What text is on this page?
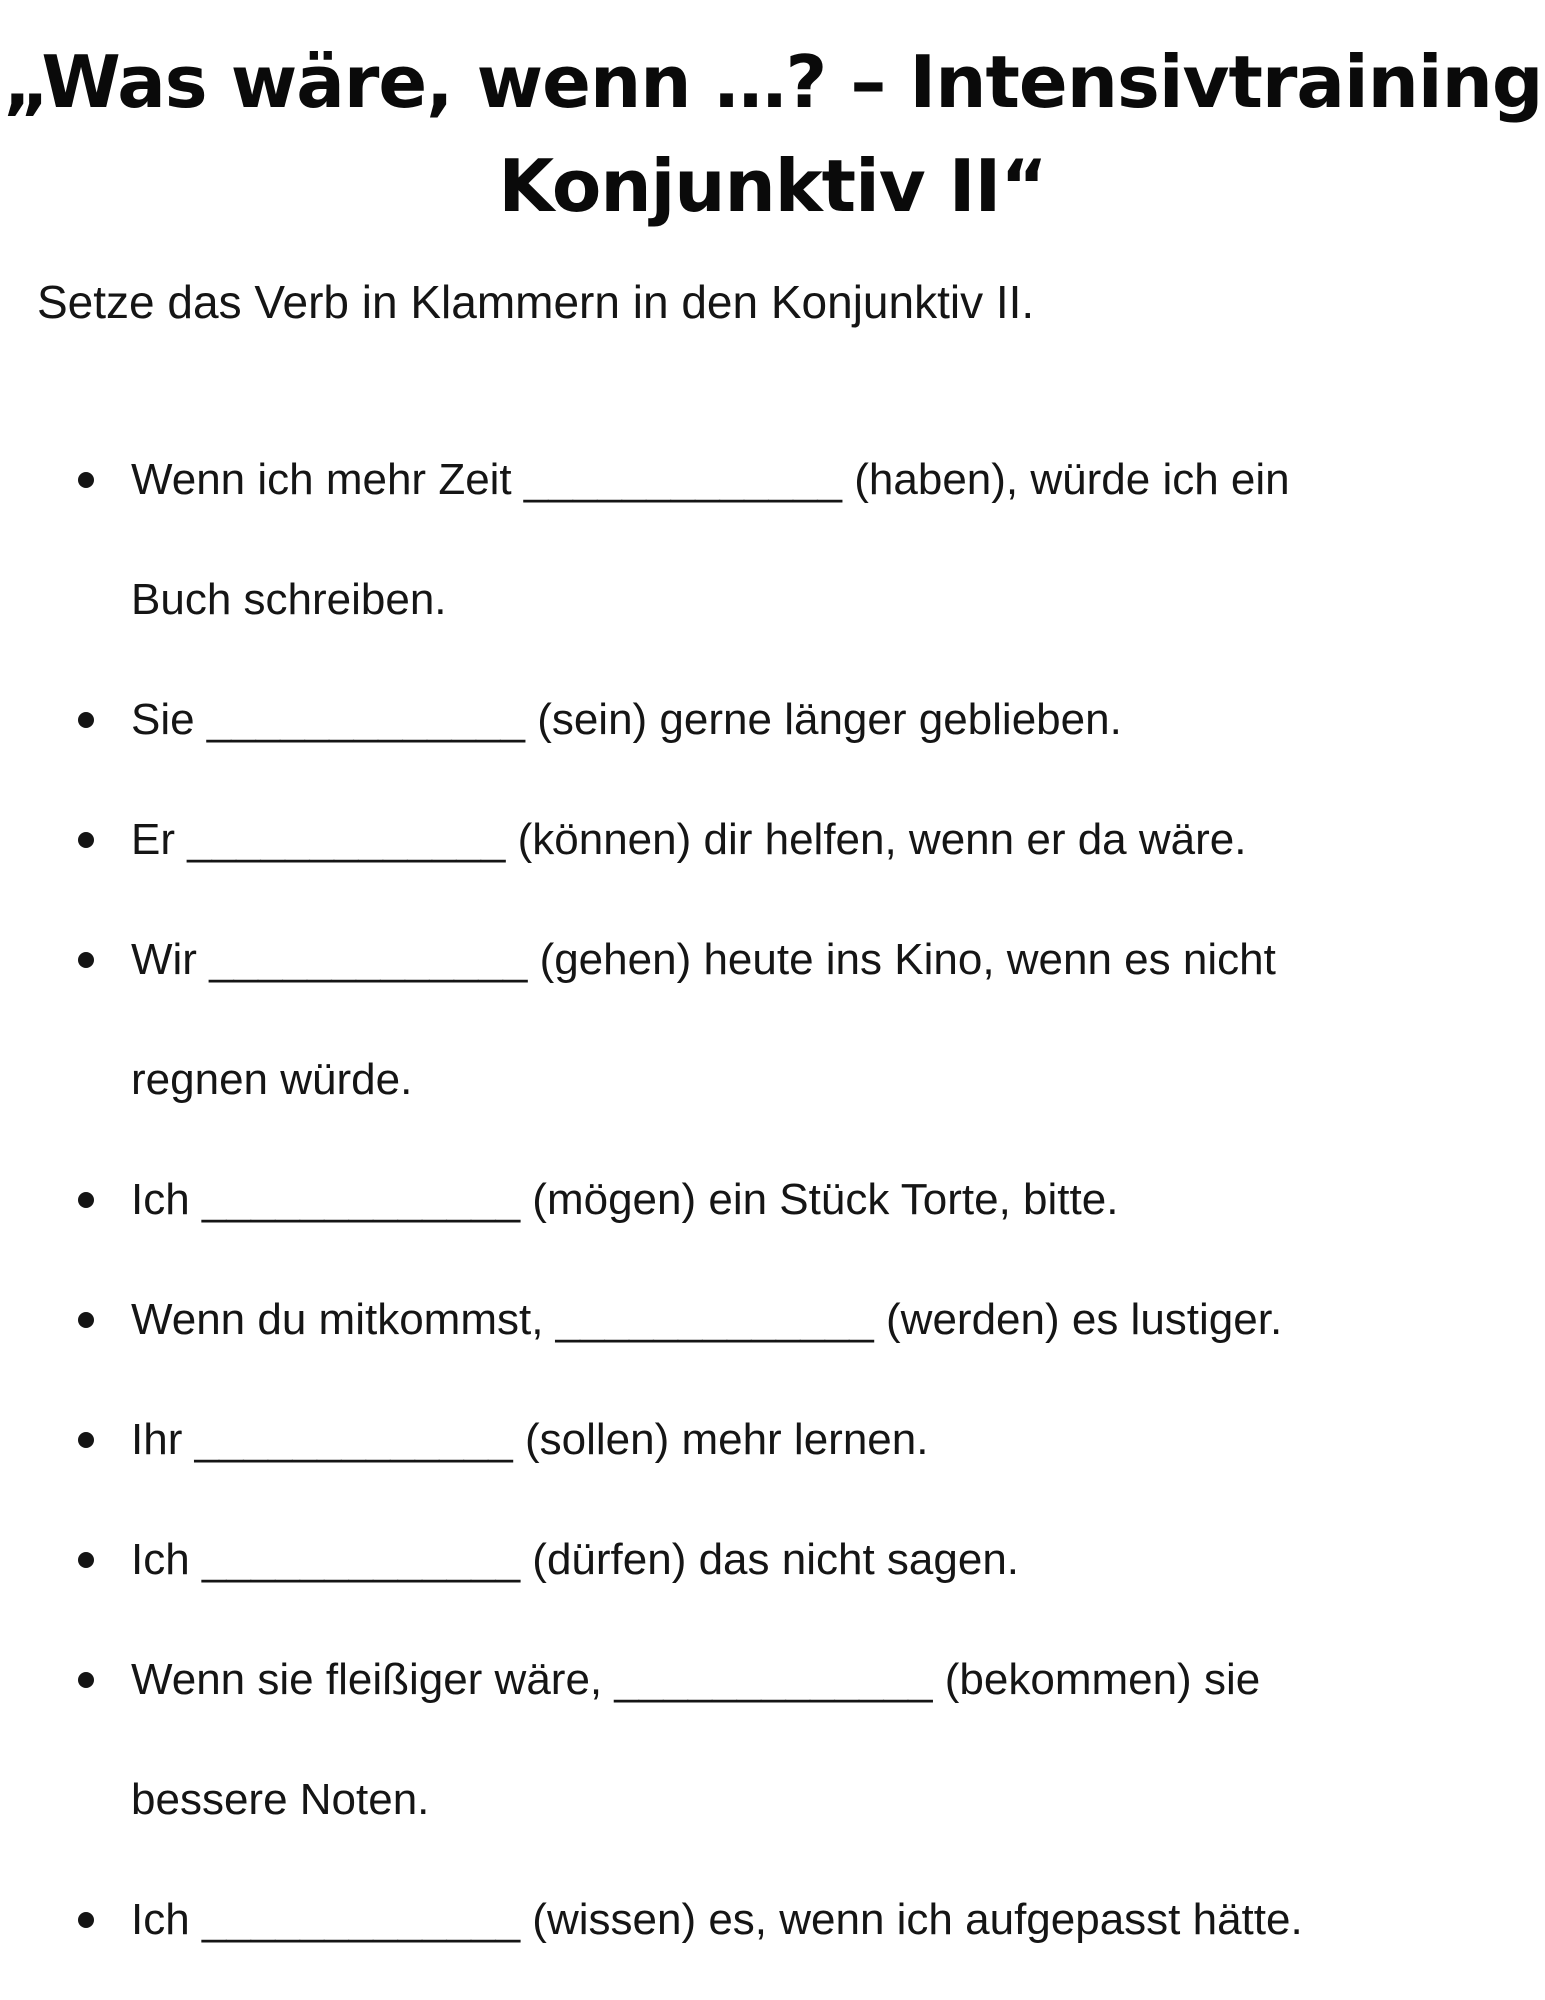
„Was wäre, wenn …? – Intensivtraining
Konjunktiv II“

Setze das Verb in Klammern in den Konjunktiv II.

Wenn ich mehr Zeit _____________ (haben), würde ich ein Buch schreiben.
Sie _____________ (sein) gerne länger geblieben.
Er _____________ (können) dir helfen, wenn er da wäre.
Wir _____________ (gehen) heute ins Kino, wenn es nicht regnen würde.
Ich _____________ (mögen) ein Stück Torte, bitte.
Wenn du mitkommst, _____________ (werden) es lustiger.
Ihr _____________ (sollen) mehr lernen.
Ich _____________ (dürfen) das nicht sagen.
Wenn sie fleißiger wäre, _____________ (bekommen) sie bessere Noten.
Ich _____________ (wissen) es, wenn ich aufgepasst hätte.
